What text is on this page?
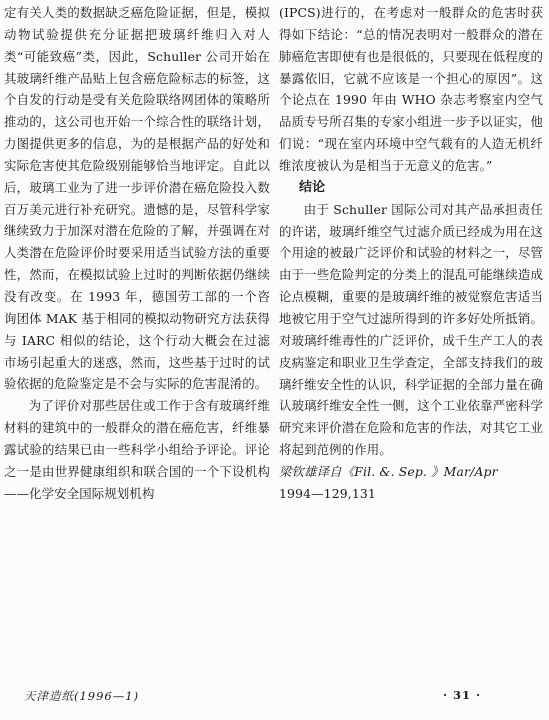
定有关人类的数据缺乏癌危险证据，但是，模拟动物试验提供充分证据把玻璃纤维归入对人类“可能致癌”类，因此，Schuller 公司开始在其玻璃纤维产品贴上包含癌危险标志的标签，这个自发的行动是受有关危险联络网团体的策略所推动的，这公司也开始一个综合性的联络计划，力图提供更多的信息，为的是根据产品的好处和实际危害使其危险级别能够恰当地评定。自此以后，玻璃工业为了进一步评价潜在癌危险投入数百万美元进行补充研究。遗憾的是，尽管科学家继续致力于加深对潜在危险的了解，并强调在对人类潜在危险评价时要采用适当试验方法的重要性，然而，在模拟试验上过时的判断依据仍继续没有改变。在 1993 年，德国劳工部的一个咨询团体 MAK 基于相同的模拟动物研究方法获得与 IARC 相似的结论，这个行动大概会在过滤市场引起重大的迷惑，然而，这些基于过时的试验依据的危险鉴定是不会与实际的危害混淆的。

为了评价对那些居住或工作于含有玻璃纤维材料的建筑中的一般群众的潜在癌危害，纤维暴露试验的结果已由一些科学小组给予评论。评论之一是由世界健康组织和联合国的一个下设机构——化学安全国际规划机构

(IPCS)进行的，在考虑对一般群众的危害时获得如下结论：“总的情况表明对一般群众的潜在肺癌危害即使有也是很低的，只要现在低程度的暴露依旧，它就不应该是一个担心的原因”。这个论点在 1990 年由 WHO 杂志考察室内空气品质专号所召集的专家小组进一步予以证实，他们说：“现在室内环境中空气载有的人造无机纤维浓度被认为是相当于无意义的危害。”

结论

由于 Schuller 国际公司对其产品承担责任的许诺，玻璃纤维空气过滤介质已经成为用在这个用途的被最广泛评价和试验的材料之一，尽管由于一些危险判定的分类上的混乱可能继续造成论点模糊，重要的是玻璃纤维的被觉察危害适当地被它用于空气过滤所得到的许多好处所抵销。对玻璃纤维毒性的广泛评价，成千生产工人的表皮病鉴定和职业卫生学查定，全部支持我们的玻璃纤维安全性的认识，科学证据的全部力量在确认玻璃纤维安全性一侧，这个工业依靠严密科学研究来评价潜在危险和危害的作法，对其它工业将起到范例的作用。

梁钦雄译自《Fil. &. Sep. 》Mar/Apr

1994—129,131

天津造纸(1996—1)	· 31 ·
